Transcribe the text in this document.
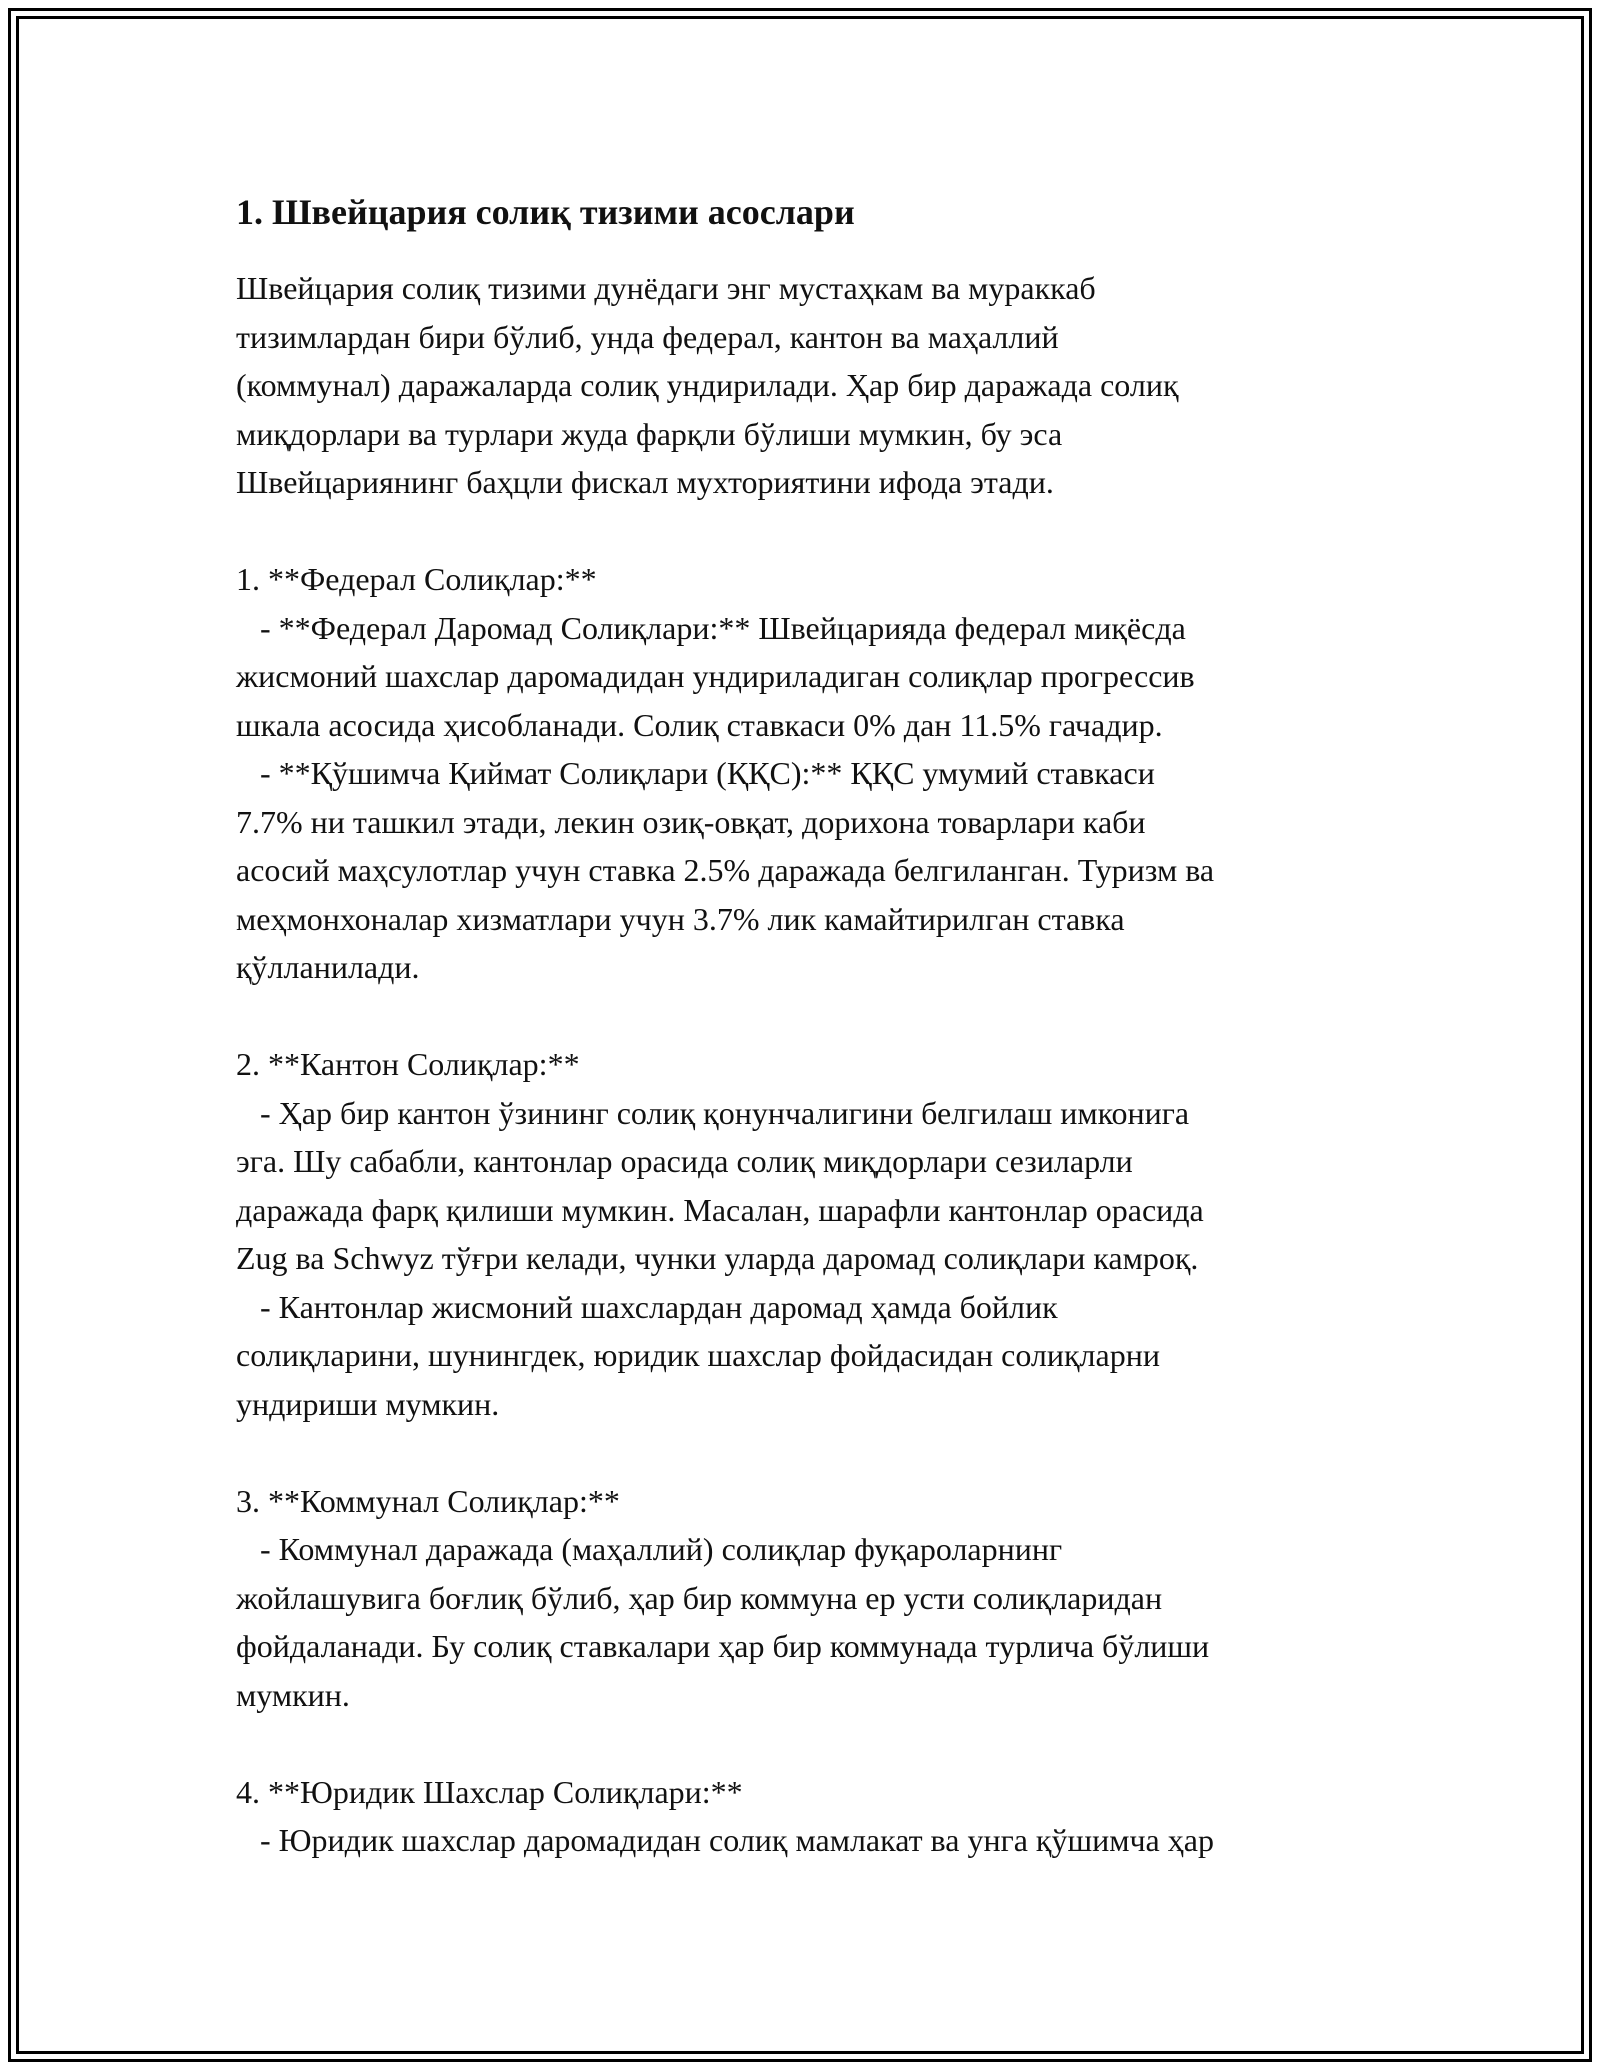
1. Швейцария солиқ тизими асослари
Швейцария солиқ тизими дунёдаги энг мустаҳкам ва мураккаб
тизимлардан бири бўлиб, унда федерал, кантон ва маҳаллий
(коммунал) даражаларда солиқ ундирилади. Ҳар бир даражада солиқ
миқдорлари ва турлари жуда фарқли бўлиши мумкин, бу эса
Швейцариянинг баҳцли фискал мухториятини ифода этади.
1. **Федерал Солиқлар:**
- **Федерал Даромад Солиқлари:** Швейцарияда федерал миқёсда
жисмоний шахслар даромадидан ундириладиган солиқлар прогрессив
шкала асосида ҳисобланади. Солиқ ставкаси 0% дан 11.5% гачадир.
- **Қўшимча Қиймат Солиқлари (ҚҚС):** ҚҚС умумий ставкаси
7.7% ни ташкил этади, лекин озиқ-овқат, дорихона товарлари каби
асосий маҳсулотлар учун ставка 2.5% даражада белгиланган. Туризм ва
меҳмонхоналар хизматлари учун 3.7% лик камайтирилган ставка
қўлланилади.
2. **Кантон Солиқлар:**
- Ҳар бир кантон ўзининг солиқ қонунчалигини белгилаш имконига
эга. Шу сабабли, кантонлар орасида солиқ миқдорлари сезиларли
даражада фарқ қилиши мумкин. Масалан, шарафли кантонлар орасида
Zug ва Schwyz тўғри келади, чунки уларда даромад солиқлари камроқ.
- Кантонлар жисмоний шахслардан даромад ҳамда бойлик
солиқларини, шунингдек, юридик шахслар фойдасидан солиқларни
ундириши мумкин.
3. **Коммунал Солиқлар:**
- Коммунал даражада (маҳаллий) солиқлар фуқароларнинг
жойлашувига боғлиқ бўлиб, ҳар бир коммуна ер усти солиқларидан
фойдаланади. Бу солиқ ставкалари ҳар бир коммунада турлича бўлиши
мумкин.
4. **Юридик Шахслар Солиқлари:**
- Юридик шахслар даромадидан солиқ мамлакат ва унга қўшимча ҳар
